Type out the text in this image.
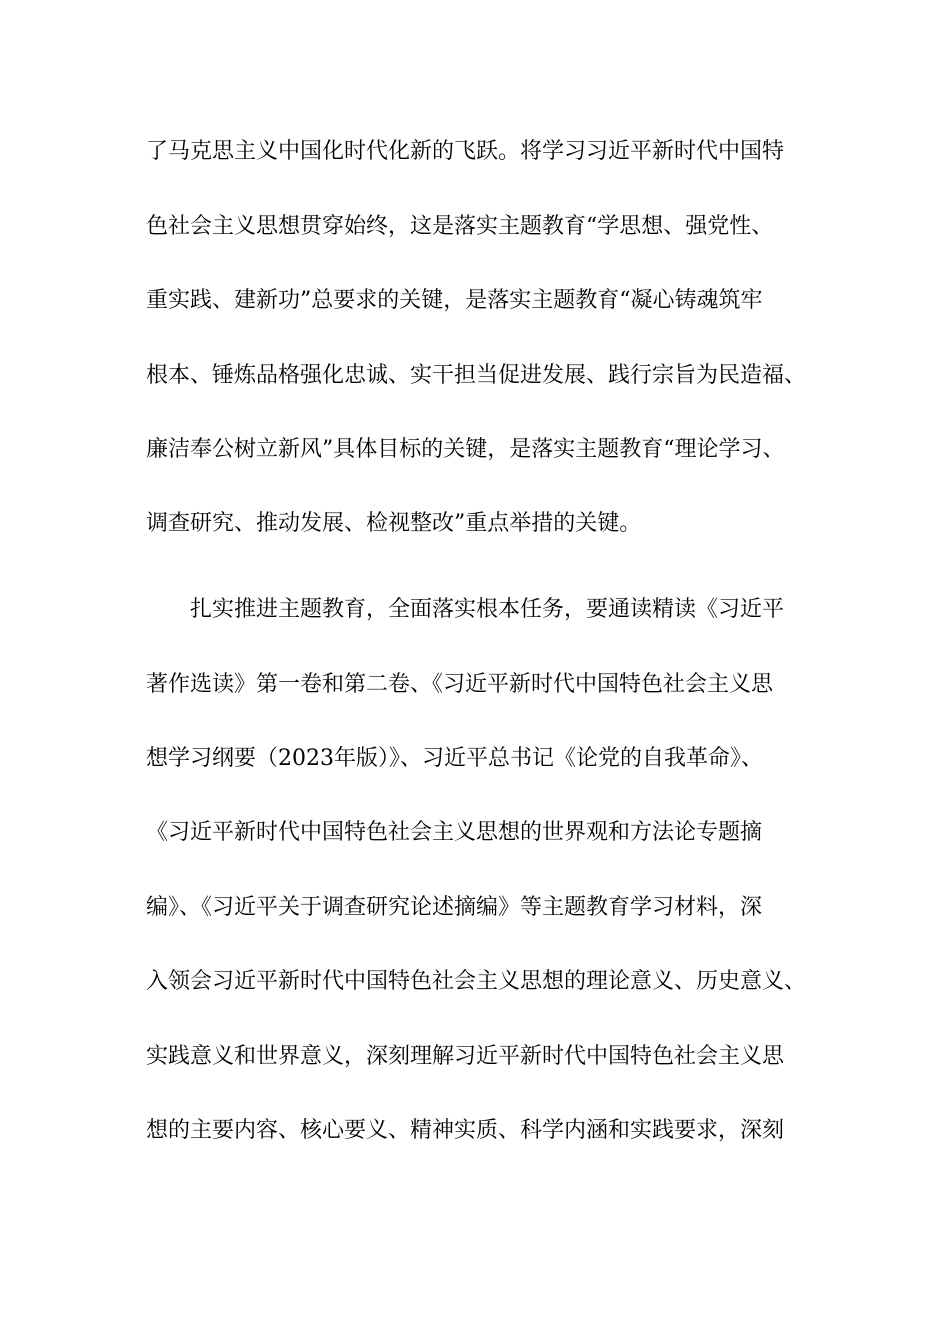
了马克思主义中国化时代化新的飞跃。将学习习近平新时代中国特
色社会主义思想贯穿始终，这是落实主题教育“学思想、强党性、
重实践、建新功”总要求的关键，是落实主题教育“凝心铸魂筑牢
根本、锤炼品格强化忠诚、实干担当促进发展、践行宗旨为民造福、
廉洁奉公树立新风”具体目标的关键，是落实主题教育“理论学习、
调查研究、推动发展、检视整改”重点举措的关键。
扎实推进主题教育，全面落实根本任务，要通读精读《习近平
著作选读》第一卷和第二卷、《习近平新时代中国特色社会主义思
想学习纲要（2023年版）》、习近平总书记《论党的自我革命》、
《习近平新时代中国特色社会主义思想的世界观和方法论专题摘
编》、《习近平关于调查研究论述摘编》等主题教育学习材料，深
入领会习近平新时代中国特色社会主义思想的理论意义、历史意义、
实践意义和世界意义，深刻理解习近平新时代中国特色社会主义思
想的主要内容、核心要义、精神实质、科学内涵和实践要求，深刻
